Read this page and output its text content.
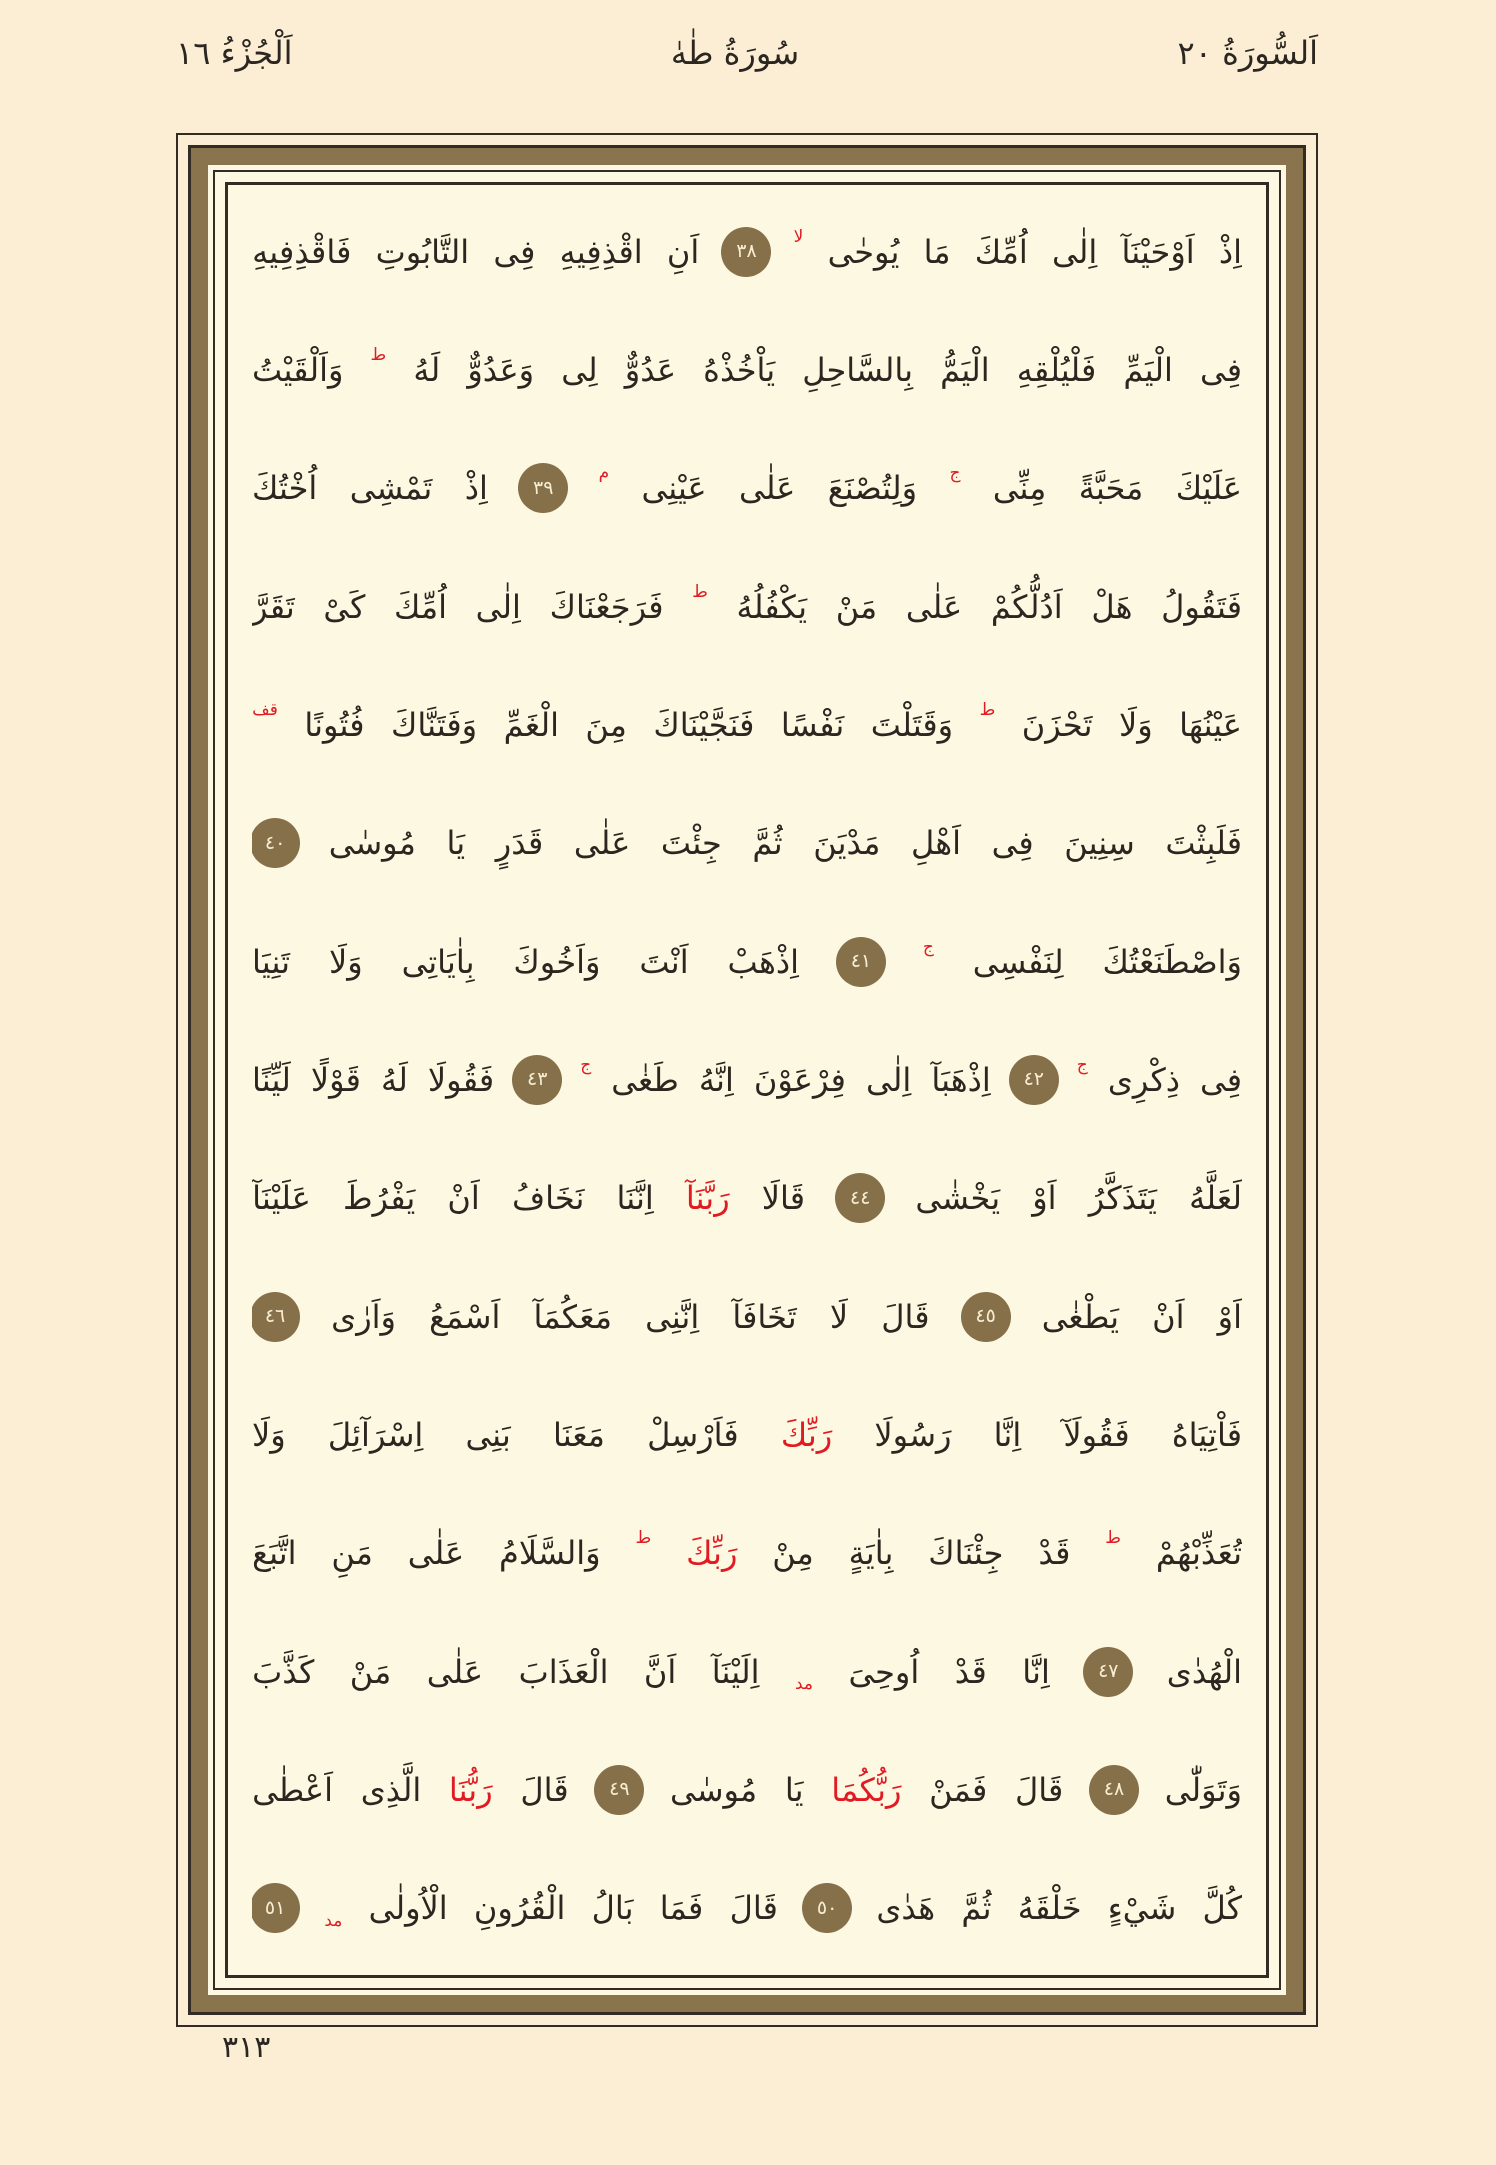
اَلسُّورَةُ ٢٠
سُورَةُ طٰهٰ
اَلْجُزْءُ ١٦
اِذْ
اَوْحَيْنَآ
اِلٰى
اُمِّكَ
مَا
يُوحٰى
لا
٣٨
اَنِ
اقْذِفِيهِ
فِى
التَّابُوتِ
فَاقْذِفِيهِ
فِى
الْيَمِّ
فَلْيُلْقِهِ
الْيَمُّ
بِالسَّاحِلِ
يَاْخُذْهُ
عَدُوٌّ
لِى
وَعَدُوٌّ
لَهُ
ط
وَاَلْقَيْتُ
عَلَيْكَ
مَحَبَّةً
مِنِّى
ج
وَلِتُصْنَعَ
عَلٰى
عَيْنِى
م
٣٩
اِذْ
تَمْشِى
اُخْتُكَ
فَتَقُولُ
هَلْ
اَدُلُّكُمْ
عَلٰى
مَنْ
يَكْفُلُهُ
ط
فَرَجَعْنَاكَ
اِلٰى
اُمِّكَ
كَىْ
تَقَرَّ
عَيْنُهَا
وَلَا
تَحْزَنَ
ط
وَقَتَلْتَ
نَفْسًا
فَنَجَّيْنَاكَ
مِنَ
الْغَمِّ
وَفَتَنَّاكَ
فُتُونًا
قف
فَلَبِثْتَ
سِنِينَ
فِى
اَهْلِ
مَدْيَنَ
ثُمَّ
جِئْتَ
عَلٰى
قَدَرٍ
يَا
مُوسٰى
٤٠
وَاصْطَنَعْتُكَ
لِنَفْسِى
ج
٤١
اِذْهَبْ
اَنْتَ
وَاَخُوكَ
بِاٰيَاتِى
وَلَا
تَنِيَا
فِى
ذِكْرِى
ج
٤٢
اِذْهَبَآ
اِلٰى
فِرْعَوْنَ
اِنَّهُ
طَغٰى
ج
٤٣
فَقُولَا
لَهُ
قَوْلًا
لَيِّنًا
لَعَلَّهُ
يَتَذَكَّرُ
اَوْ
يَخْشٰى
٤٤
قَالَا
رَبَّنَآ
اِنَّنَا
نَخَافُ
اَنْ
يَفْرُطَ
عَلَيْنَآ
اَوْ
اَنْ
يَطْغٰى
٤٥
قَالَ
لَا
تَخَافَآ
اِنَّنِى
مَعَكُمَآ
اَسْمَعُ
وَاَرٰى
٤٦
فَاْتِيَاهُ
فَقُولَآ
اِنَّا
رَسُولَا
رَبِّكَ
فَاَرْسِلْ
مَعَنَا
بَنِى
اِسْرَآئِلَ
وَلَا
تُعَذِّبْهُمْ
ط
قَدْ
جِئْنَاكَ
بِاٰيَةٍ
مِنْ
رَبِّكَ
ط
وَالسَّلَامُ
عَلٰى
مَنِ
اتَّبَعَ
الْهُدٰى
٤٧
اِنَّا
قَدْ
اُوحِىَ
مد
اِلَيْنَآ
اَنَّ
الْعَذَابَ
عَلٰى
مَنْ
كَذَّبَ
وَتَوَلّٰى
٤٨
قَالَ
فَمَنْ
رَبُّكُمَا
يَا
مُوسٰى
٤٩
قَالَ
رَبُّنَا
الَّذِى
اَعْطٰى
كُلَّ
شَيْءٍ
خَلْقَهُ
ثُمَّ
هَدٰى
٥٠
قَالَ
فَمَا
بَالُ
الْقُرُونِ
الْاُولٰى
مد
٥١
٣١٣
